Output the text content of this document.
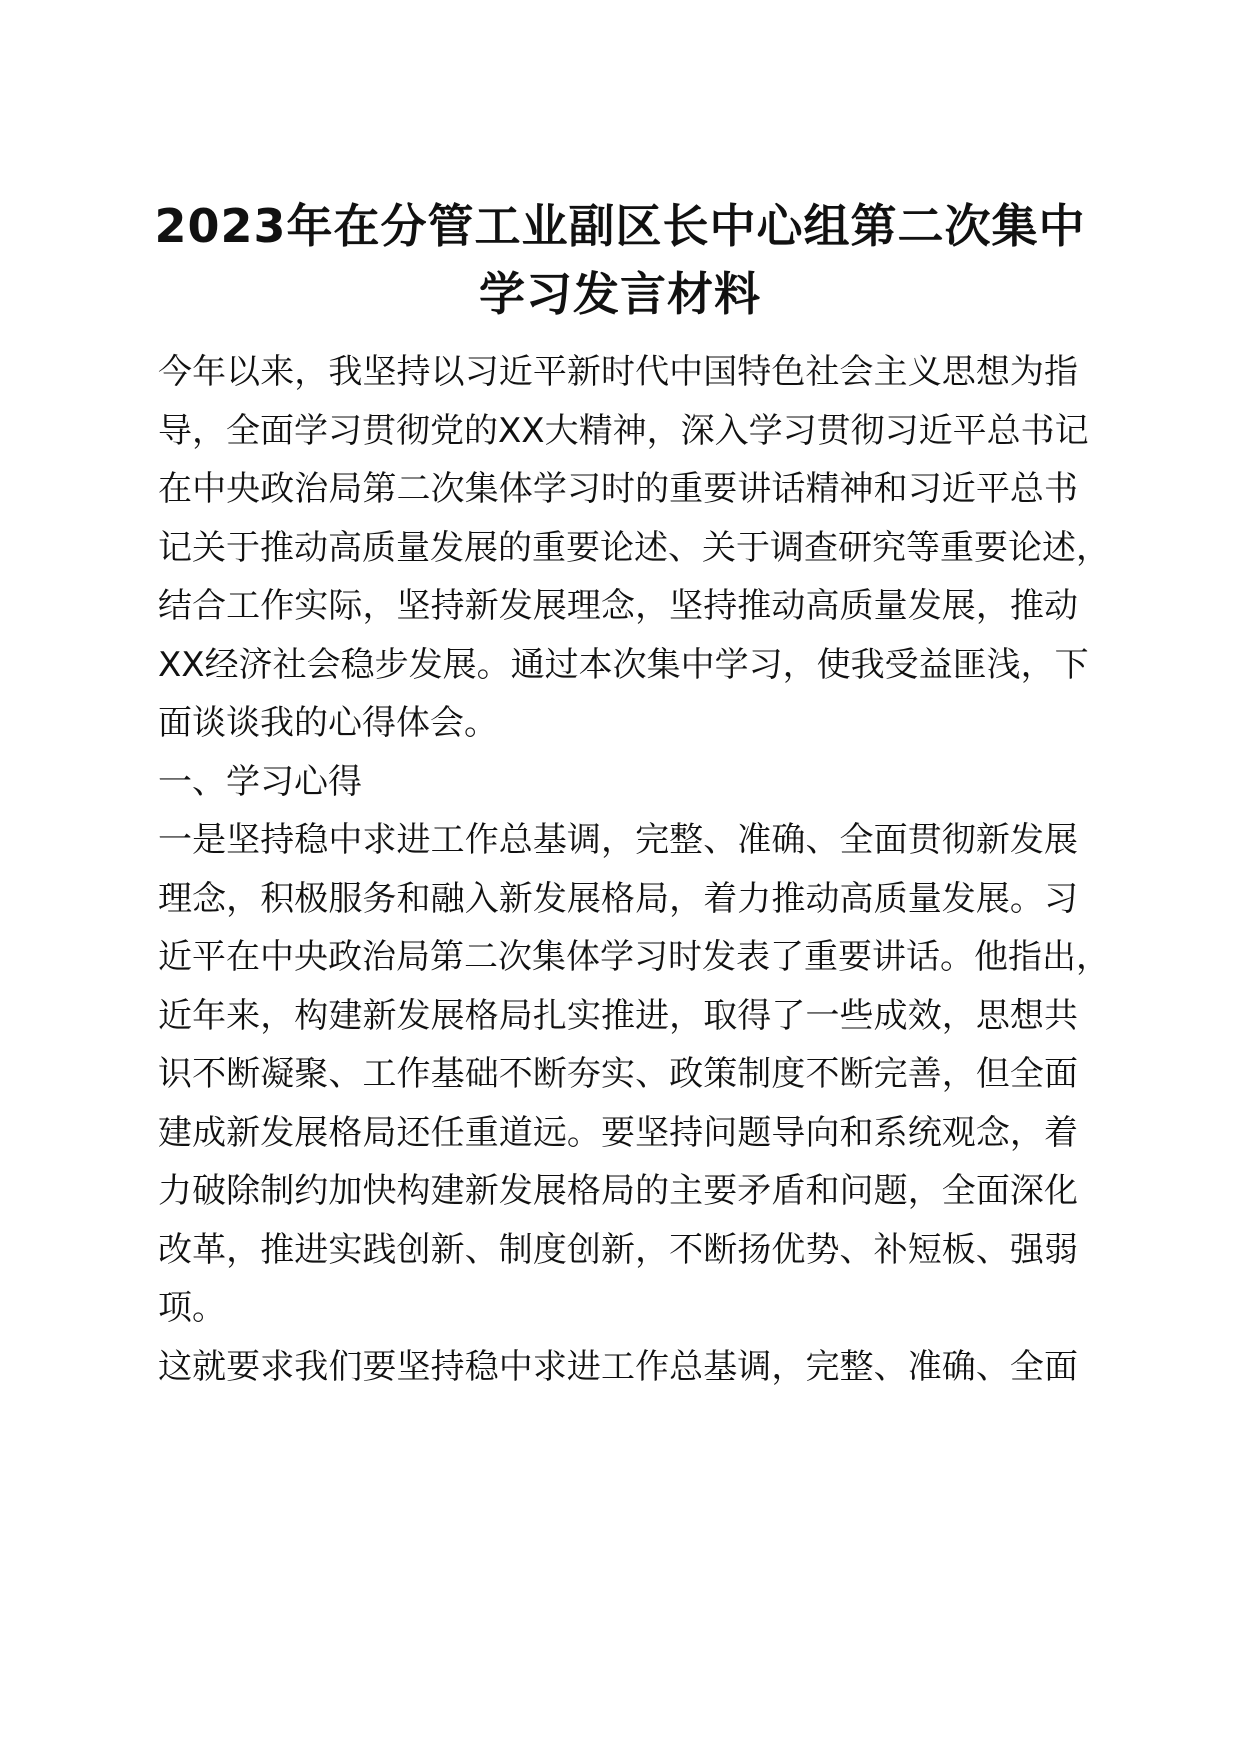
2023年在分管工业副区长中心组第二次集中
学习发言材料
今年以来，我坚持以习近平新时代中国特色社会主义思想为指
导，全面学习贯彻党的XX大精神，深入学习贯彻习近平总书记
在中央政治局第二次集体学习时的重要讲话精神和习近平总书
记关于推动高质量发展的重要论述、关于调查研究等重要论述，
结合工作实际，坚持新发展理念，坚持推动高质量发展，推动
XX经济社会稳步发展。通过本次集中学习，使我受益匪浅，下
面谈谈我的心得体会。
一、学习心得
一是坚持稳中求进工作总基调，完整、准确、全面贯彻新发展
理念，积极服务和融入新发展格局，着力推动高质量发展。习
近平在中央政治局第二次集体学习时发表了重要讲话。他指出，
近年来，构建新发展格局扎实推进，取得了一些成效，思想共
识不断凝聚、工作基础不断夯实、政策制度不断完善，但全面
建成新发展格局还任重道远。要坚持问题导向和系统观念，着
力破除制约加快构建新发展格局的主要矛盾和问题，全面深化
改革，推进实践创新、制度创新，不断扬优势、补短板、强弱
项。
这就要求我们要坚持稳中求进工作总基调，完整、准确、全面
